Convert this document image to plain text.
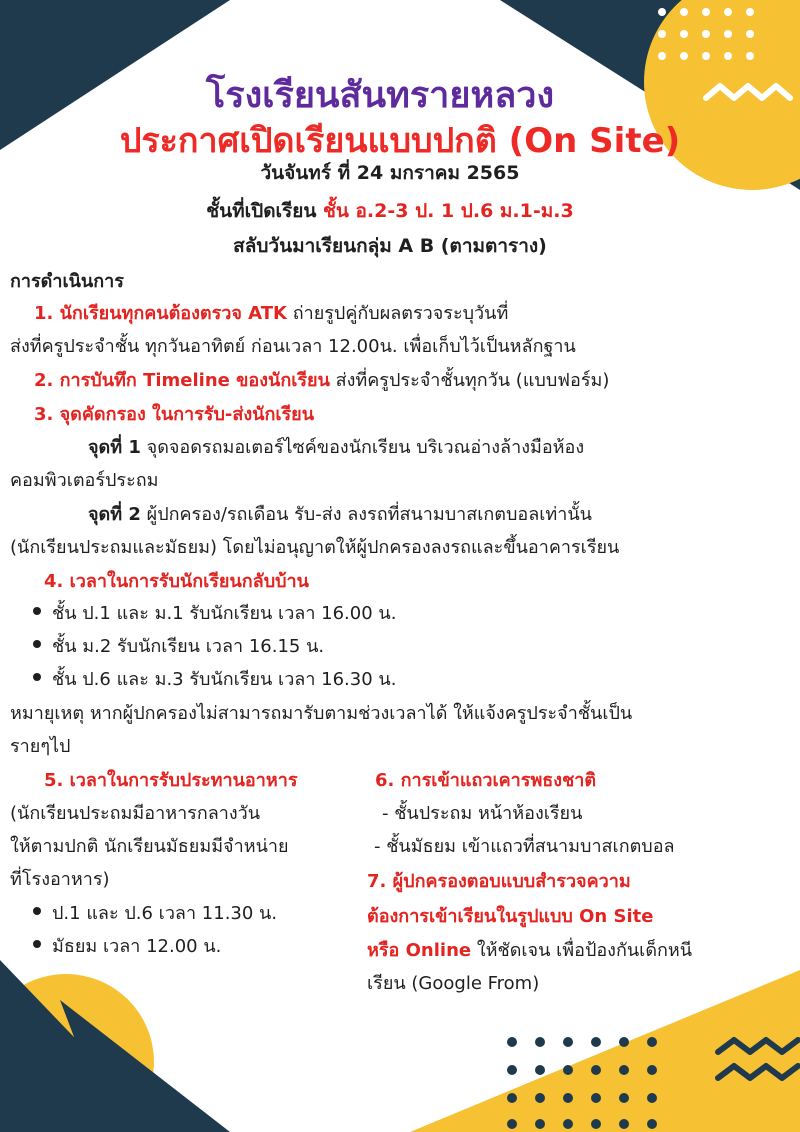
โรงเรียนสันทรายหลวง
ประกาศเปิดเรียนแบบปกติ (On Site)
วันจันทร์ ที่ 24 มกราคม 2565
ชั้นที่เปิดเรียน ชั้น อ.2-3 ป. 1 ป.6 ม.1-ม.3
สลับวันมาเรียนกลุ่ม A B (ตามตาราง)
การดำเนินการ
1. นักเรียนทุกคนต้องตรวจ ATK ถ่ายรูปคู่กับผลตรวจระบุวันที่
ส่งที่ครูประจำชั้น ทุกวันอาทิตย์ ก่อนเวลา 12.00น. เพื่อเก็บไว้เป็นหลักฐาน
2. การบันทึก Timeline ของนักเรียน ส่งที่ครูประจำชั้นทุกวัน (แบบฟอร์ม)
3. จุดคัดกรอง ในการรับ-ส่งนักเรียน
จุดที่ 1 จุดจอดรถมอเตอร์ไซค์ของนักเรียน บริเวณอ่างล้างมือห้อง
คอมพิวเตอร์ประถม
จุดที่ 2 ผู้ปกครอง/รถเดือน รับ-ส่ง ลงรถที่สนามบาสเกตบอลเท่านั้น
(นักเรียนประถมและมัธยม) โดยไม่อนุญาตให้ผู้ปกครองลงรถและขึ้นอาคารเรียน
4. เวลาในการรับนักเรียนกลับบ้าน
ชั้น ป.1 และ ม.1 รับนักเรียน เวลา 16.00 น.
ชั้น ม.2 รับนักเรียน เวลา 16.15 น.
ชั้น ป.6 และ ม.3 รับนักเรียน เวลา 16.30 น.
หมายุเหตุ หากผู้ปกครองไม่สามารถมารับตามช่วงเวลาได้ ให้แจ้งครูประจำชั้นเป็น
รายๆไป
5. เวลาในการรับประทานอาหาร
(นักเรียนประถมมีอาหารกลางวัน
ให้ตามปกติ นักเรียนมัธยมมีจำหน่าย
ที่โรงอาหาร)
ป.1 และ ป.6 เวลา 11.30 น.
มัธยม เวลา 12.00 น.
6. การเข้าแถวเคารพธงชาติ
- ชั้นประถม หน้าห้องเรียน
- ชั้นมัธยม เข้าแถวที่สนามบาสเกตบอล
7. ผู้ปกครองตอบแบบสำรวจความ
ต้องการเข้าเรียนในรูปแบบ On Site
หรือ Online ให้ชัดเจน เพื่อป้องกันเด็กหนี
เรียน (Google From)
